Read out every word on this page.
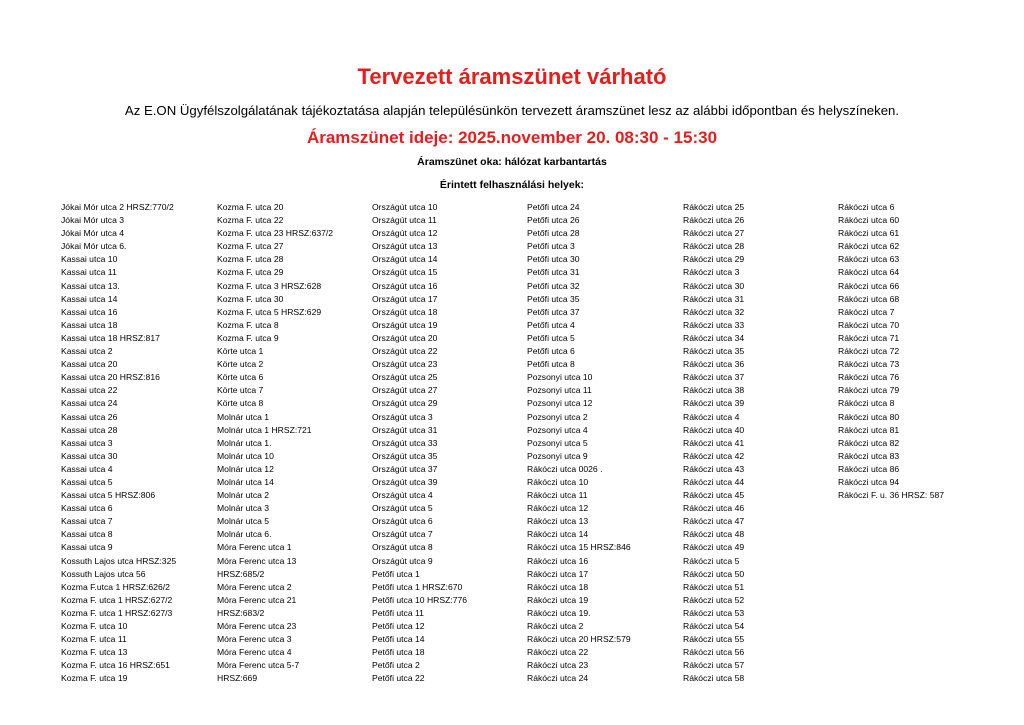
Tervezett áramszünet várható
Az E.ON Ügyfélszolgálatának tájékoztatása alapján településünkön tervezett áramszünet lesz az alábbi időpontban és helyszíneken.
Áramszünet ideje: 2025.november 20. 08:30 - 15:30
Áramszünet oka: hálózat karbantartás
Érintett felhasználási helyek:
Jókai Mór utca 2 HRSZ:770/2
Jókai Mór utca 3
Jókai Mór utca 4
Jókai Mór utca 6.
Kassai utca 10
Kassai utca 11
Kassai utca 13.
Kassai utca 14
Kassai utca 16
Kassai utca 18
Kassai utca 18 HRSZ:817
Kassai utca 2
Kassai utca 20
Kassai utca 20 HRSZ:816
Kassai utca 22
Kassai utca 24
Kassai utca 26
Kassai utca 28
Kassai utca 3
Kassai utca 30
Kassai utca 4
Kassai utca 5
Kassai utca 5 HRSZ:806
Kassai utca 6
Kassai utca 7
Kassai utca 8
Kassai utca 9
Kossuth Lajos utca HRSZ:325
Kossuth Lajos utca 56
Kozma F.utca 1 HRSZ:626/2
Kozma F. utca 1 HRSZ:627/2
Kozma F. utca 1 HRSZ:627/3
Kozma F. utca 10
Kozma F. utca 11
Kozma F. utca 13
Kozma F. utca 16 HRSZ:651
Kozma F. utca 19
Kozma F. utca 20
Kozma F. utca 22
Kozma F. utca 23 HRSZ:637/2
Kozma F. utca 27
Kozma F. utca 28
Kozma F. utca 29
Kozma F. utca 3 HRSZ:628
Kozma F. utca 30
Kozma F. utca 5 HRSZ:629
Kozma F. utca 8
Kozma F. utca 9
Körte utca 1
Körte utca 2
Körte utca 6
Körte utca 7
Körte utca 8
Molnár utca 1
Molnár utca 1 HRSZ:721
Molnár utca 1.
Molnár utca 10
Molnár utca 12
Molnár utca 14
Molnár utca 2
Molnár utca 3
Molnár utca 5
Molnár utca 6.
Móra Ferenc utca 1
Móra Ferenc utca 13
HRSZ:685/2
Móra Ferenc utca 2
Móra Ferenc utca 21
HRSZ:683/2
Móra Ferenc utca 23
Móra Ferenc utca 3
Móra Ferenc utca 4
Móra Ferenc utca 5-7
HRSZ:669
Országút utca 10
Országút utca 11
Országút utca 12
Országút utca 13
Országút utca 14
Országút utca 15
Országút utca 16
Országút utca 17
Országút utca 18
Országút utca 19
Országút utca 20
Országút utca 22
Országút utca 23
Országút utca 25
Országút utca 27
Országút utca 29
Országút utca 3
Országút utca 31
Országút utca 33
Országút utca 35
Országút utca 37
Országút utca 39
Országút utca 4
Országút utca 5
Országút utca 6
Országút utca 7
Országút utca 8
Országút utca 9
Petőfi utca 1
Petőfi utca 1 HRSZ:670
Petőfi utca 10 HRSZ:776
Petőfi utca 11
Petőfi utca 12
Petőfi utca 14
Petőfi utca 18
Petőfi utca 2
Petőfi utca 22
Petőfi utca 24
Petőfi utca 26
Petőfi utca 28
Petőfi utca 3
Petőfi utca 30
Petőfi utca 31
Petőfi utca 32
Petőfi utca 35
Petőfi utca 37
Petőfi utca 4
Petőfi utca 5
Petőfi utca 6
Petőfi utca 8
Pozsonyi utca 10
Pozsonyi utca 11
Pozsonyi utca 12
Pozsonyi utca 2
Pozsonyi utca 4
Pozsonyi utca 5
Pozsonyi utca 9
Rákóczi utca 0026 .
Rákóczi utca 10
Rákóczi utca 11
Rákóczi utca 12
Rákóczi utca 13
Rákóczi utca 14
Rákóczi utca 15 HRSZ:846
Rákóczi utca 16
Rákóczi utca 17
Rákóczi utca 18
Rákóczi utca 19
Rákóczi utca 19.
Rákóczi utca 2
Rákóczi utca 20 HRSZ:579
Rákóczi utca 22
Rákóczi utca 23
Rákóczi utca 24
Rákóczi utca 25
Rákóczi utca 26
Rákóczi utca 27
Rákóczi utca 28
Rákóczi utca 29
Rákóczi utca 3
Rákóczi utca 30
Rákóczi utca 31
Rákóczi utca 32
Rákóczi utca 33
Rákóczi utca 34
Rákóczi utca 35
Rákóczi utca 36
Rákóczi utca 37
Rákóczi utca 38
Rákóczi utca 39
Rákóczi utca 4
Rákóczi utca 40
Rákóczi utca 41
Rákóczi utca 42
Rákóczi utca 43
Rákóczi utca 44
Rákóczi utca 45
Rákóczi utca 46
Rákóczi utca 47
Rákóczi utca 48
Rákóczi utca 49
Rákóczi utca 5
Rákóczi utca 50
Rákóczi utca 51
Rákóczi utca 52
Rákóczi utca 53
Rákóczi utca 54
Rákóczi utca 55
Rákóczi utca 56
Rákóczi utca 57
Rákóczi utca 58
Rákóczi utca 6
Rákóczi utca 60
Rákóczi utca 61
Rákóczi utca 62
Rákóczi utca 63
Rákóczi utca 64
Rákóczi utca 66
Rákóczi utca 68
Rákóczi utca 7
Rákóczi utca 70
Rákóczi utca 71
Rákóczi utca 72
Rákóczi utca 73
Rákóczi utca 76
Rákóczi utca 79
Rákóczi utca 8
Rákóczi utca 80
Rákóczi utca 81
Rákóczi utca 82
Rákóczi utca 83
Rákóczi utca 86
Rákóczi utca 94
Rákóczi F. u. 36 HRSZ: 587
